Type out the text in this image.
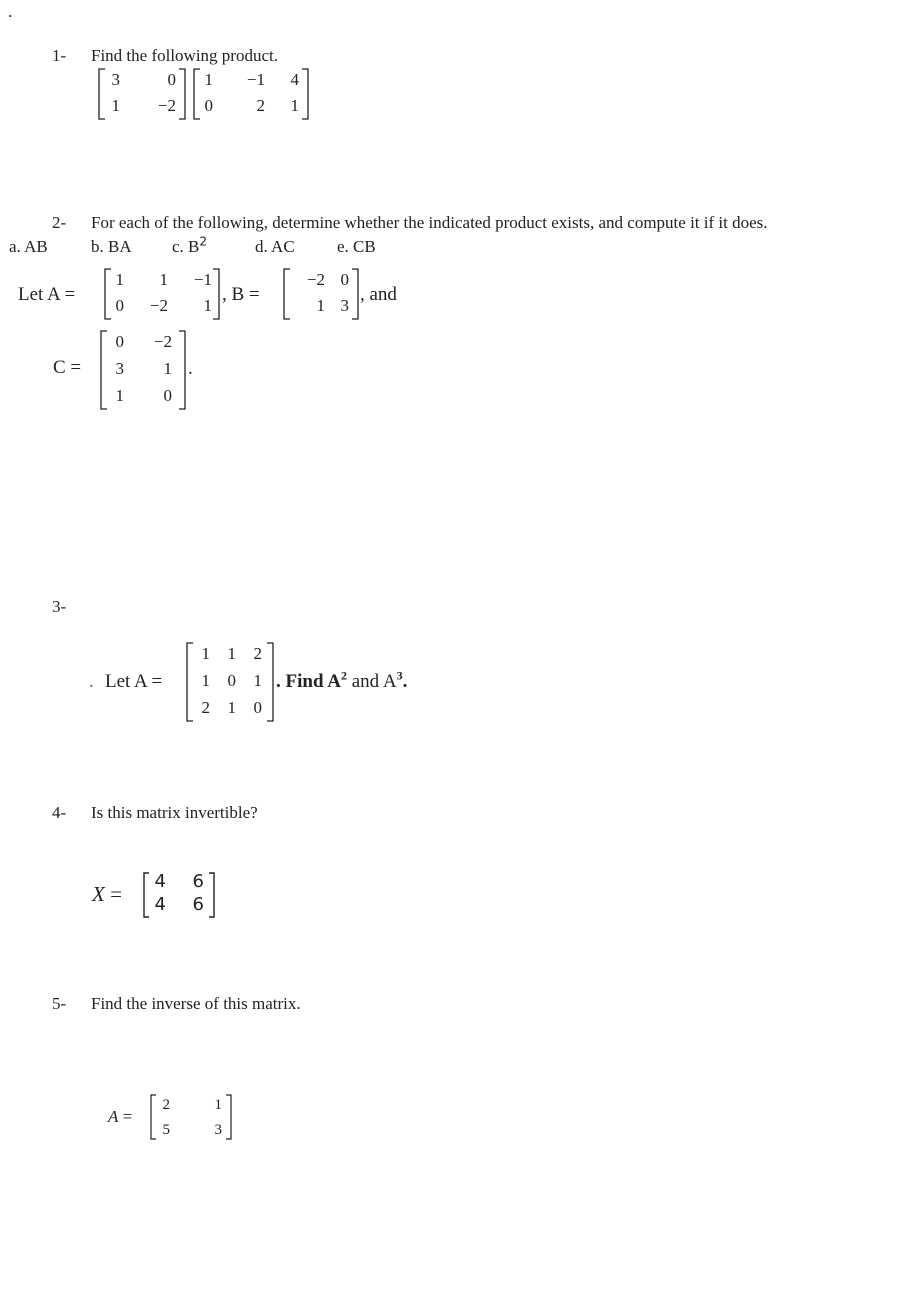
.
1- Find the following product.
3	0
1	−2
1	−1	4
0	2	1
2- For each of the following, determine whether the indicated product exists, and compute it if it does.
a. AB	b. BA c. $B^2$	d. AC e. CB
Let A =
1	1	−1
0	−2	1
, B =
−2 0
1 3
, and
C =
0	−2
3	1
1	0
.
3-
. Let A =
1	1	2
1	0	1
2	1	0
. Find $A^2$ and $A^3$.
4- Is this matrix invertible?
X =
4	6
4	6
5- Find the inverse of this matrix.
A =
2	1
5	3
